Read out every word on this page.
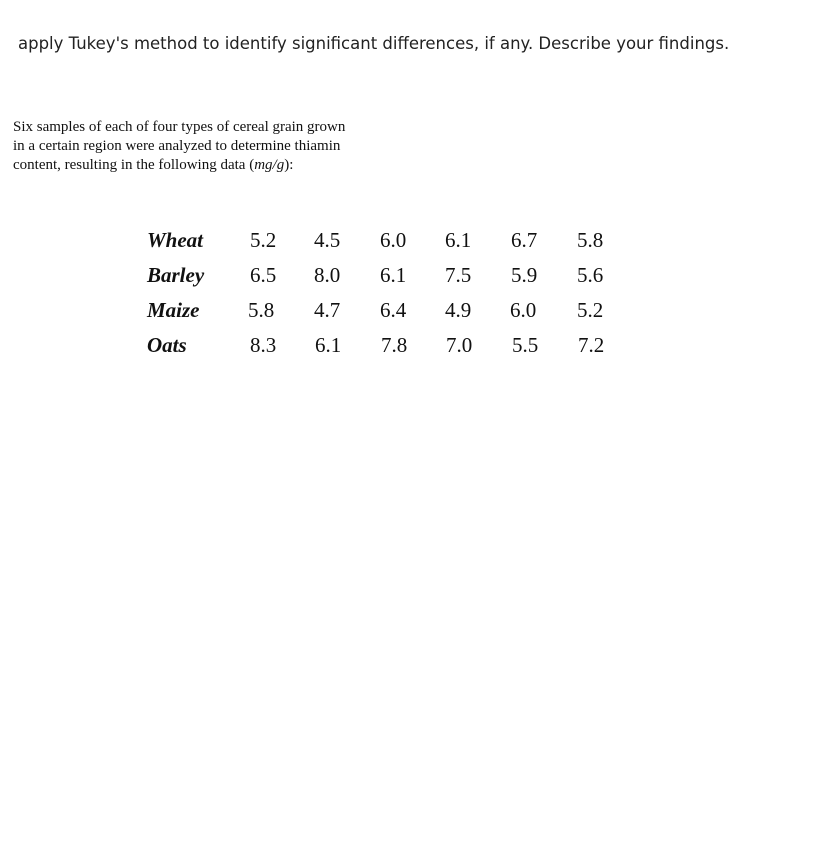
apply Tukey's method to identify significant differences, if any. Describe your findings.
Six samples of each of four types of cereal grain grown
in a certain region were analyzed to determine thiamin
content, resulting in the following data (mg/g):
Wheat 5.2 4.5 6.0 6.1 6.7 5.8
Barley 6.5 8.0 6.1 7.5 5.9 5.6
Maize 5.8 4.7 6.4 4.9 6.0 5.2
Oats	8.3 6.1 7.8 7.0 5.5 7.2
